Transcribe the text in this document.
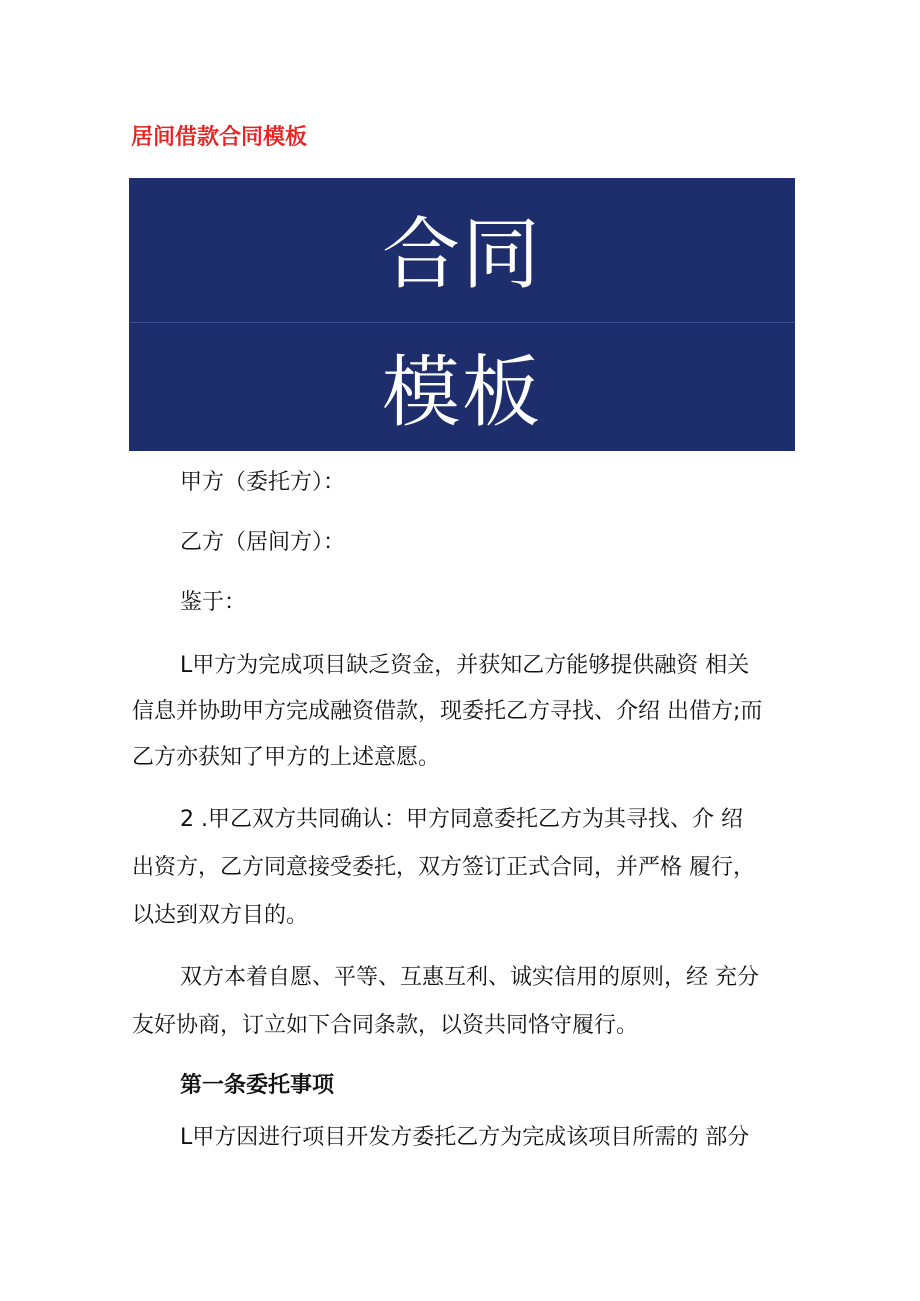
居间借款合同模板
合同
模板
甲方（委托方）：
乙方（居间方）：
鉴于：
L甲方为完成项目缺乏资金，并获知乙方能够提供融资 相关
信息并协助甲方完成融资借款，现委托乙方寻找、介绍 出借方;而
乙方亦获知了甲方的上述意愿。
2 .甲乙双方共同确认：甲方同意委托乙方为其寻找、介 绍
出资方，乙方同意接受委托，双方签订正式合同，并严格 履行，
以达到双方目的。
双方本着自愿、平等、互惠互利、诚实信用的原则，经 充分
友好协商，订立如下合同条款，以资共同恪守履行。
第一条委托事项
L甲方因进行项目开发方委托乙方为完成该项目所需的 部分
